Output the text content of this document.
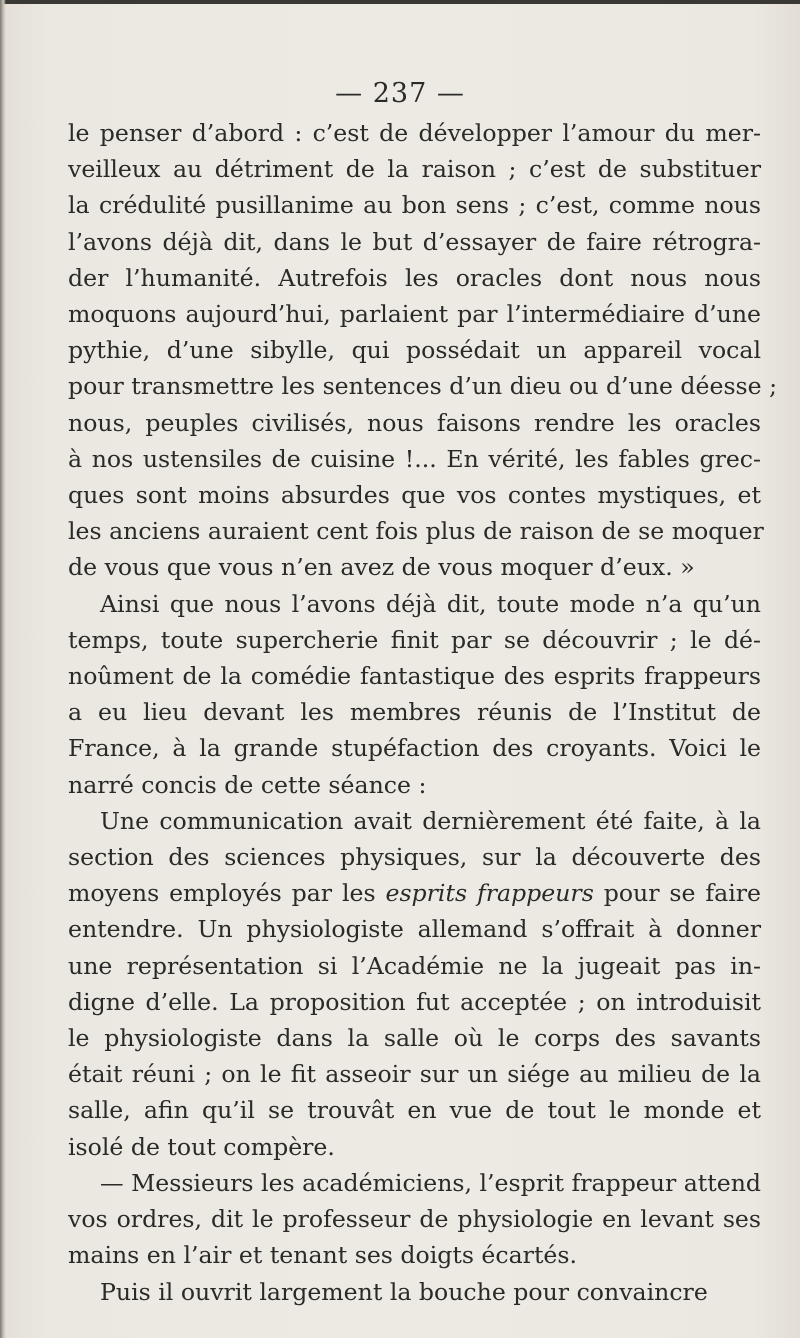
— 237 —
le penser d’abord : c’est de développer l’amour du mer-
veilleux au détriment de la raison ; c’est de substituer
la crédulité pusillanime au bon sens ; c’est, comme nous
l’avons déjà dit, dans le but d’essayer de faire rétrogra-
der l’humanité. Autrefois les oracles dont nous nous
moquons aujourd’hui, parlaient par l’intermédiaire d’une
pythie, d’une sibylle, qui possédait un appareil vocal
pour transmettre les sentences d’un dieu ou d’une déesse ;
nous, peuples civilisés, nous faisons rendre les oracles
à nos ustensiles de cuisine !... En vérité, les fables grec-
ques sont moins absurdes que vos contes mystiques, et
les anciens auraient cent fois plus de raison de se moquer
de vous que vous n’en avez de vous moquer d’eux. »
Ainsi que nous l’avons déjà dit, toute mode n’a qu’un
temps, toute supercherie finit par se découvrir ; le dé-
noûment de la comédie fantastique des esprits frappeurs
a eu lieu devant les membres réunis de l’Institut de
France, à la grande stupéfaction des croyants. Voici le
narré concis de cette séance :
Une communication avait dernièrement été faite, à la
section des sciences physiques, sur la découverte des
moyens employés par les esprits frappeurs pour se faire
entendre. Un physiologiste allemand s’offrait à donner
une représentation si l’Académie ne la jugeait pas in-
digne d’elle. La proposition fut acceptée ; on introduisit
le physiologiste dans la salle où le corps des savants
était réuni ; on le fit asseoir sur un siége au milieu de la
salle, afin qu’il se trouvât en vue de tout le monde et
isolé de tout compère.
— Messieurs les académiciens, l’esprit frappeur attend
vos ordres, dit le professeur de physiologie en levant ses
mains en l’air et tenant ses doigts écartés.
Puis il ouvrit largement la bouche pour convaincre
